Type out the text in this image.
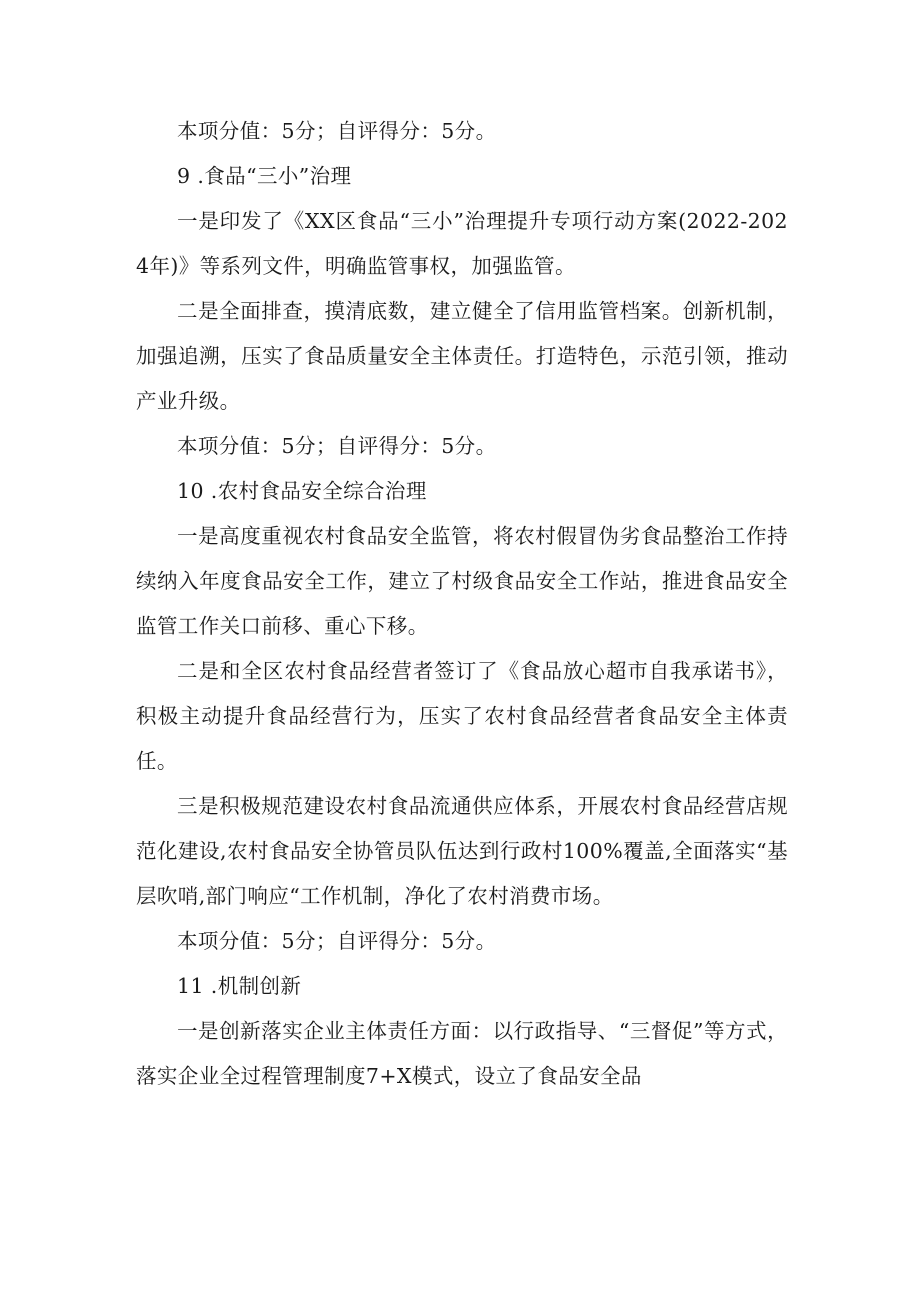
本项分值：5分；自评得分：5分。

9 .食品“三小”治理

一是印发了《XX区食品“三小”治理提升专项行动方案(2022-2024年)》等系列文件，明确监管事权，加强监管。

二是全面排查，摸清底数，建立健全了信用监管档案。创新机制，加强追溯，压实了食品质量安全主体责任。打造特色，示范引领，推动产业升级。

本项分值：5分；自评得分：5分。

10 .农村食品安全综合治理

一是高度重视农村食品安全监管，将农村假冒伪劣食品整治工作持续纳入年度食品安全工作，建立了村级食品安全工作站，推进食品安全监管工作关口前移、重心下移。

二是和全区农村食品经营者签订了《食品放心超市自我承诺书》，积极主动提升食品经营行为，压实了农村食品经营者食品安全主体责任。

三是积极规范建设农村食品流通供应体系，开展农村食品经营店规范化建设,农村食品安全协管员队伍达到行政村100%覆盖,全面落实“基层吹哨,部门响应“工作机制，净化了农村消费市场。

本项分值：5分；自评得分：5分。

11 .机制创新

一是创新落实企业主体责任方面：以行政指导、“三督促”等方式，落实企业全过程管理制度7+X模式，设立了食品安全品
